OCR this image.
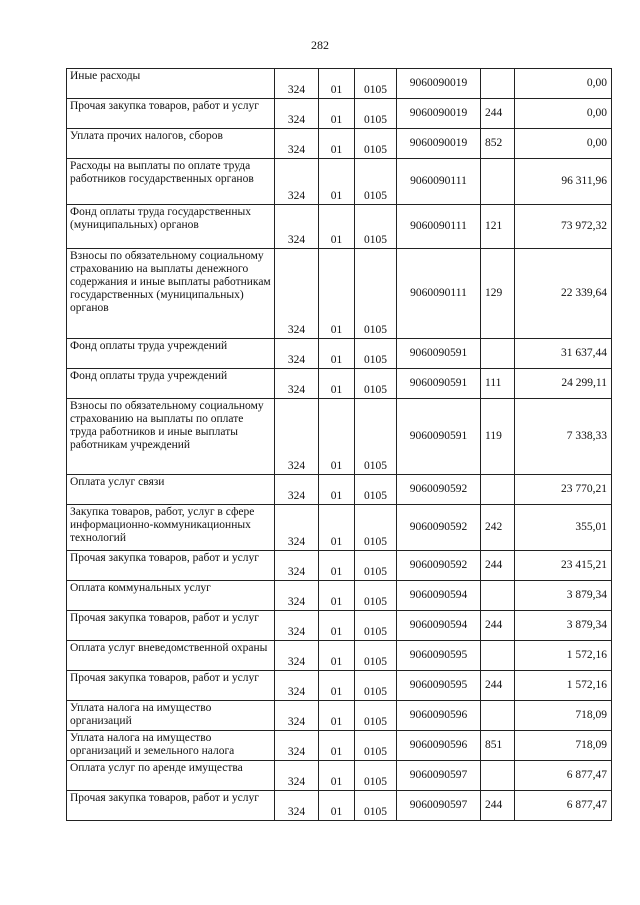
282
Иные расходы	324	01	0105	9060090019		0,00
Прочая закупка товаров, работ и услуг	324	01	0105	9060090019	244	0,00
Уплата прочих налогов, сборов	324	01	0105	9060090019	852	0,00
Расходы на выплаты по оплате труда работников государственных органов	324	01	0105	9060090111		96 311,96
Фонд оплаты труда государственных (муниципальных) органов	324	01	0105	9060090111	121	73 972,32
Взносы по обязательному социальному страхованию на выплаты денежного содержания и иные выплаты работникам государственных (муниципальных) органов	324	01	0105	9060090111	129	22 339,64
Фонд оплаты труда учреждений	324	01	0105	9060090591		31 637,44
Фонд оплаты труда учреждений	324	01	0105	9060090591	111	24 299,11
Взносы по обязательному социальному страхованию на выплаты по оплате труда работников и иные выплаты работникам учреждений	324	01	0105	9060090591	119	7 338,33
Оплата услуг связи	324	01	0105	9060090592		23 770,21
Закупка товаров, работ, услуг в сфере информационно-коммуникационных технологий	324	01	0105	9060090592	242	355,01
Прочая закупка товаров, работ и услуг	324	01	0105	9060090592	244	23 415,21
Оплата коммунальных услуг	324	01	0105	9060090594		3 879,34
Прочая закупка товаров, работ и услуг	324	01	0105	9060090594	244	3 879,34
Оплата услуг вневедомственной охраны	324	01	0105	9060090595		1 572,16
Прочая закупка товаров, работ и услуг	324	01	0105	9060090595	244	1 572,16
Уплата налога на имущество организаций	324	01	0105	9060090596		718,09
Уплата налога на имущество организаций и земельного налога	324	01	0105	9060090596	851	718,09
Оплата услуг по аренде имущества	324	01	0105	9060090597		6 877,47
Прочая закупка товаров, работ и услуг	324	01	0105	9060090597	244	6 877,47
